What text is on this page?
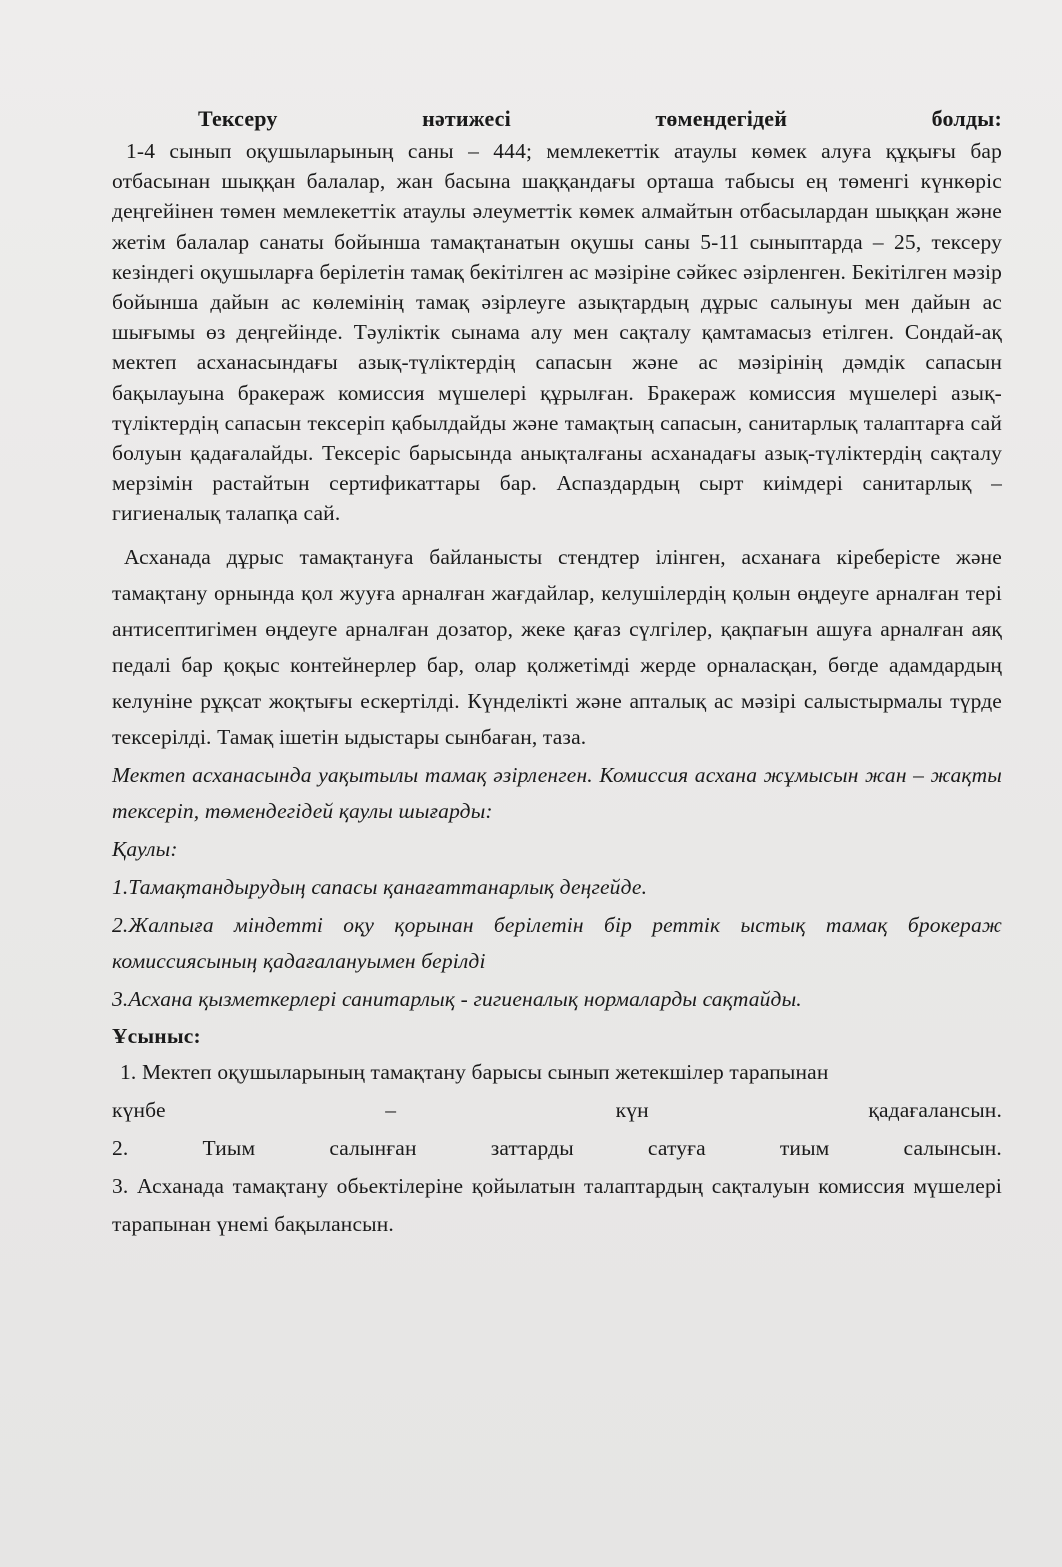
Тексеру	нәтижесі	төмендегідей	болды:

1-4 сынып оқушыларының саны – 444; мемлекеттік атаулы көмек алуға құқығы бар отбасынан шыққан балалар, жан басына шаққандағы орташа табысы ең төменгі күнкөріс деңгейінен төмен мемлекеттік атаулы әлеуметтік көмек алмайтын отбасылардан шыққан және жетім балалар санаты бойынша тамақтанатын оқушы саны 5-11 сыныптарда – 25, тексеру кезіндегі оқушыларға берілетін тамақ бекітілген ас мәзіріне сәйкес әзірленген. Бекітілген мәзір бойынша дайын ас көлемінің тамақ әзірлеуге азықтардың дұрыс салынуы мен дайын ас шығымы өз деңгейінде. Тәуліктік сынама алу мен сақталу қамтамасыз етілген. Сондай-ақ мектеп асханасындағы азық-түліктердің сапасын және ас мәзірінің дәмдік сапасын бақылауына бракераж комиссия мүшелері құрылған. Бракераж комиссия мүшелері азық-түліктердің сапасын тексеріп қабылдайды және тамақтың сапасын, санитарлық талаптарға сай болуын қадағалайды. Тексеріс барысында анықталғаны асханадағы азық-түліктердің сақталу мерзімін растайтын сертификаттары бар. Аспаздардың сырт киімдері санитарлық – гигиеналық талапқа сай.

Асханада дұрыс тамақтануға байланысты стендтер ілінген, асханаға кіреберісте және тамақтану орнында қол жууға арналған жағдайлар, келушілердің қолын өңдеуге арналған тері антисептигімен өңдеуге арналған дозатор, жеке қағаз сүлгілер, қақпағын ашуға арналған аяқ педалі бар қоқыс контейнерлер бар, олар қолжетімді жерде орналасқан, бөгде адамдардың келуніне рұқсат жоқтығы ескертілді. Күнделікті және апталық ас мәзірі салыстырмалы түрде тексерілді. Тамақ ішетін ыдыстары сынбаған, таза.

Мектеп асханасында уақытылы тамақ әзірленген. Комиссия асхана жұмысын жан – жақты тексеріп, төмендегідей қаулы шығарды:

Қаулы:

1.Тамақтандырудың сапасы қанағаттанарлық деңгейде.

2.Жалпыға міндетті оқу қорынан берілетін бір реттік ыстық тамақ брокераж комиссиясының қадағалануымен берілді

3.Асхана қызметкерлері санитарлық - гигиеналық нормаларды сақтайды.

Ұсыныс:

1. Мектеп оқушыларының тамақтану барысы сынып жетекшілер тарапынан

күнбе	–	күн	қадағалансын.
2.	Тиым	салынған	заттарды	сатуға	тиым	салынсын.

3. Асханада тамақтану обьектілеріне қойылатын талаптардың сақталуын комиссия мүшелері тарапынан үнемі бақылансын.
